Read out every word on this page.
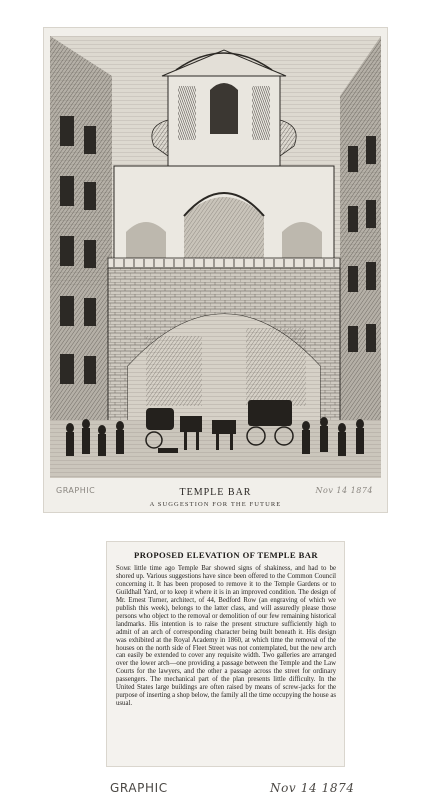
GRAPHIC	TEMPLE BAR	Nov 14 1874
A SUGGESTION FOR THE FUTURE
PROPOSED ELEVATION OF TEMPLE BAR
Some little time ago Temple Bar showed signs of shakiness, and had to be shored up. Various suggestions have since been offered to the Common Council concerning it. It has been proposed to remove it to the Temple Gardens or to Guildhall Yard, or to keep it where it is in an improved condition. The design of Mr. Ernest Turner, architect, of 44, Bedford Row (an engraving of which we publish this week), belongs to the latter class, and will assuredly please those persons who object to the removal or demolition of our few remaining historical landmarks. His intention is to raise the present structure sufficiently high to admit of an arch of corresponding character being built beneath it. His design was exhibited at the Royal Academy in 1860, at which time the removal of the houses on the north side of Fleet Street was not contemplated, but the new arch can easily be extended to cover any requisite width. Two galleries are arranged over the lower arch—one providing a passage between the Temple and the Law Courts for the lawyers, and the other a passage across the street for ordinary passengers. The mechanical part of the plan presents little difficulty. In the United States large buildings are often raised by means of screw-jacks for the purpose of inserting a shop below, the family all the time occupying the house as usual.
GRAPHIC	Nov 14 1874
